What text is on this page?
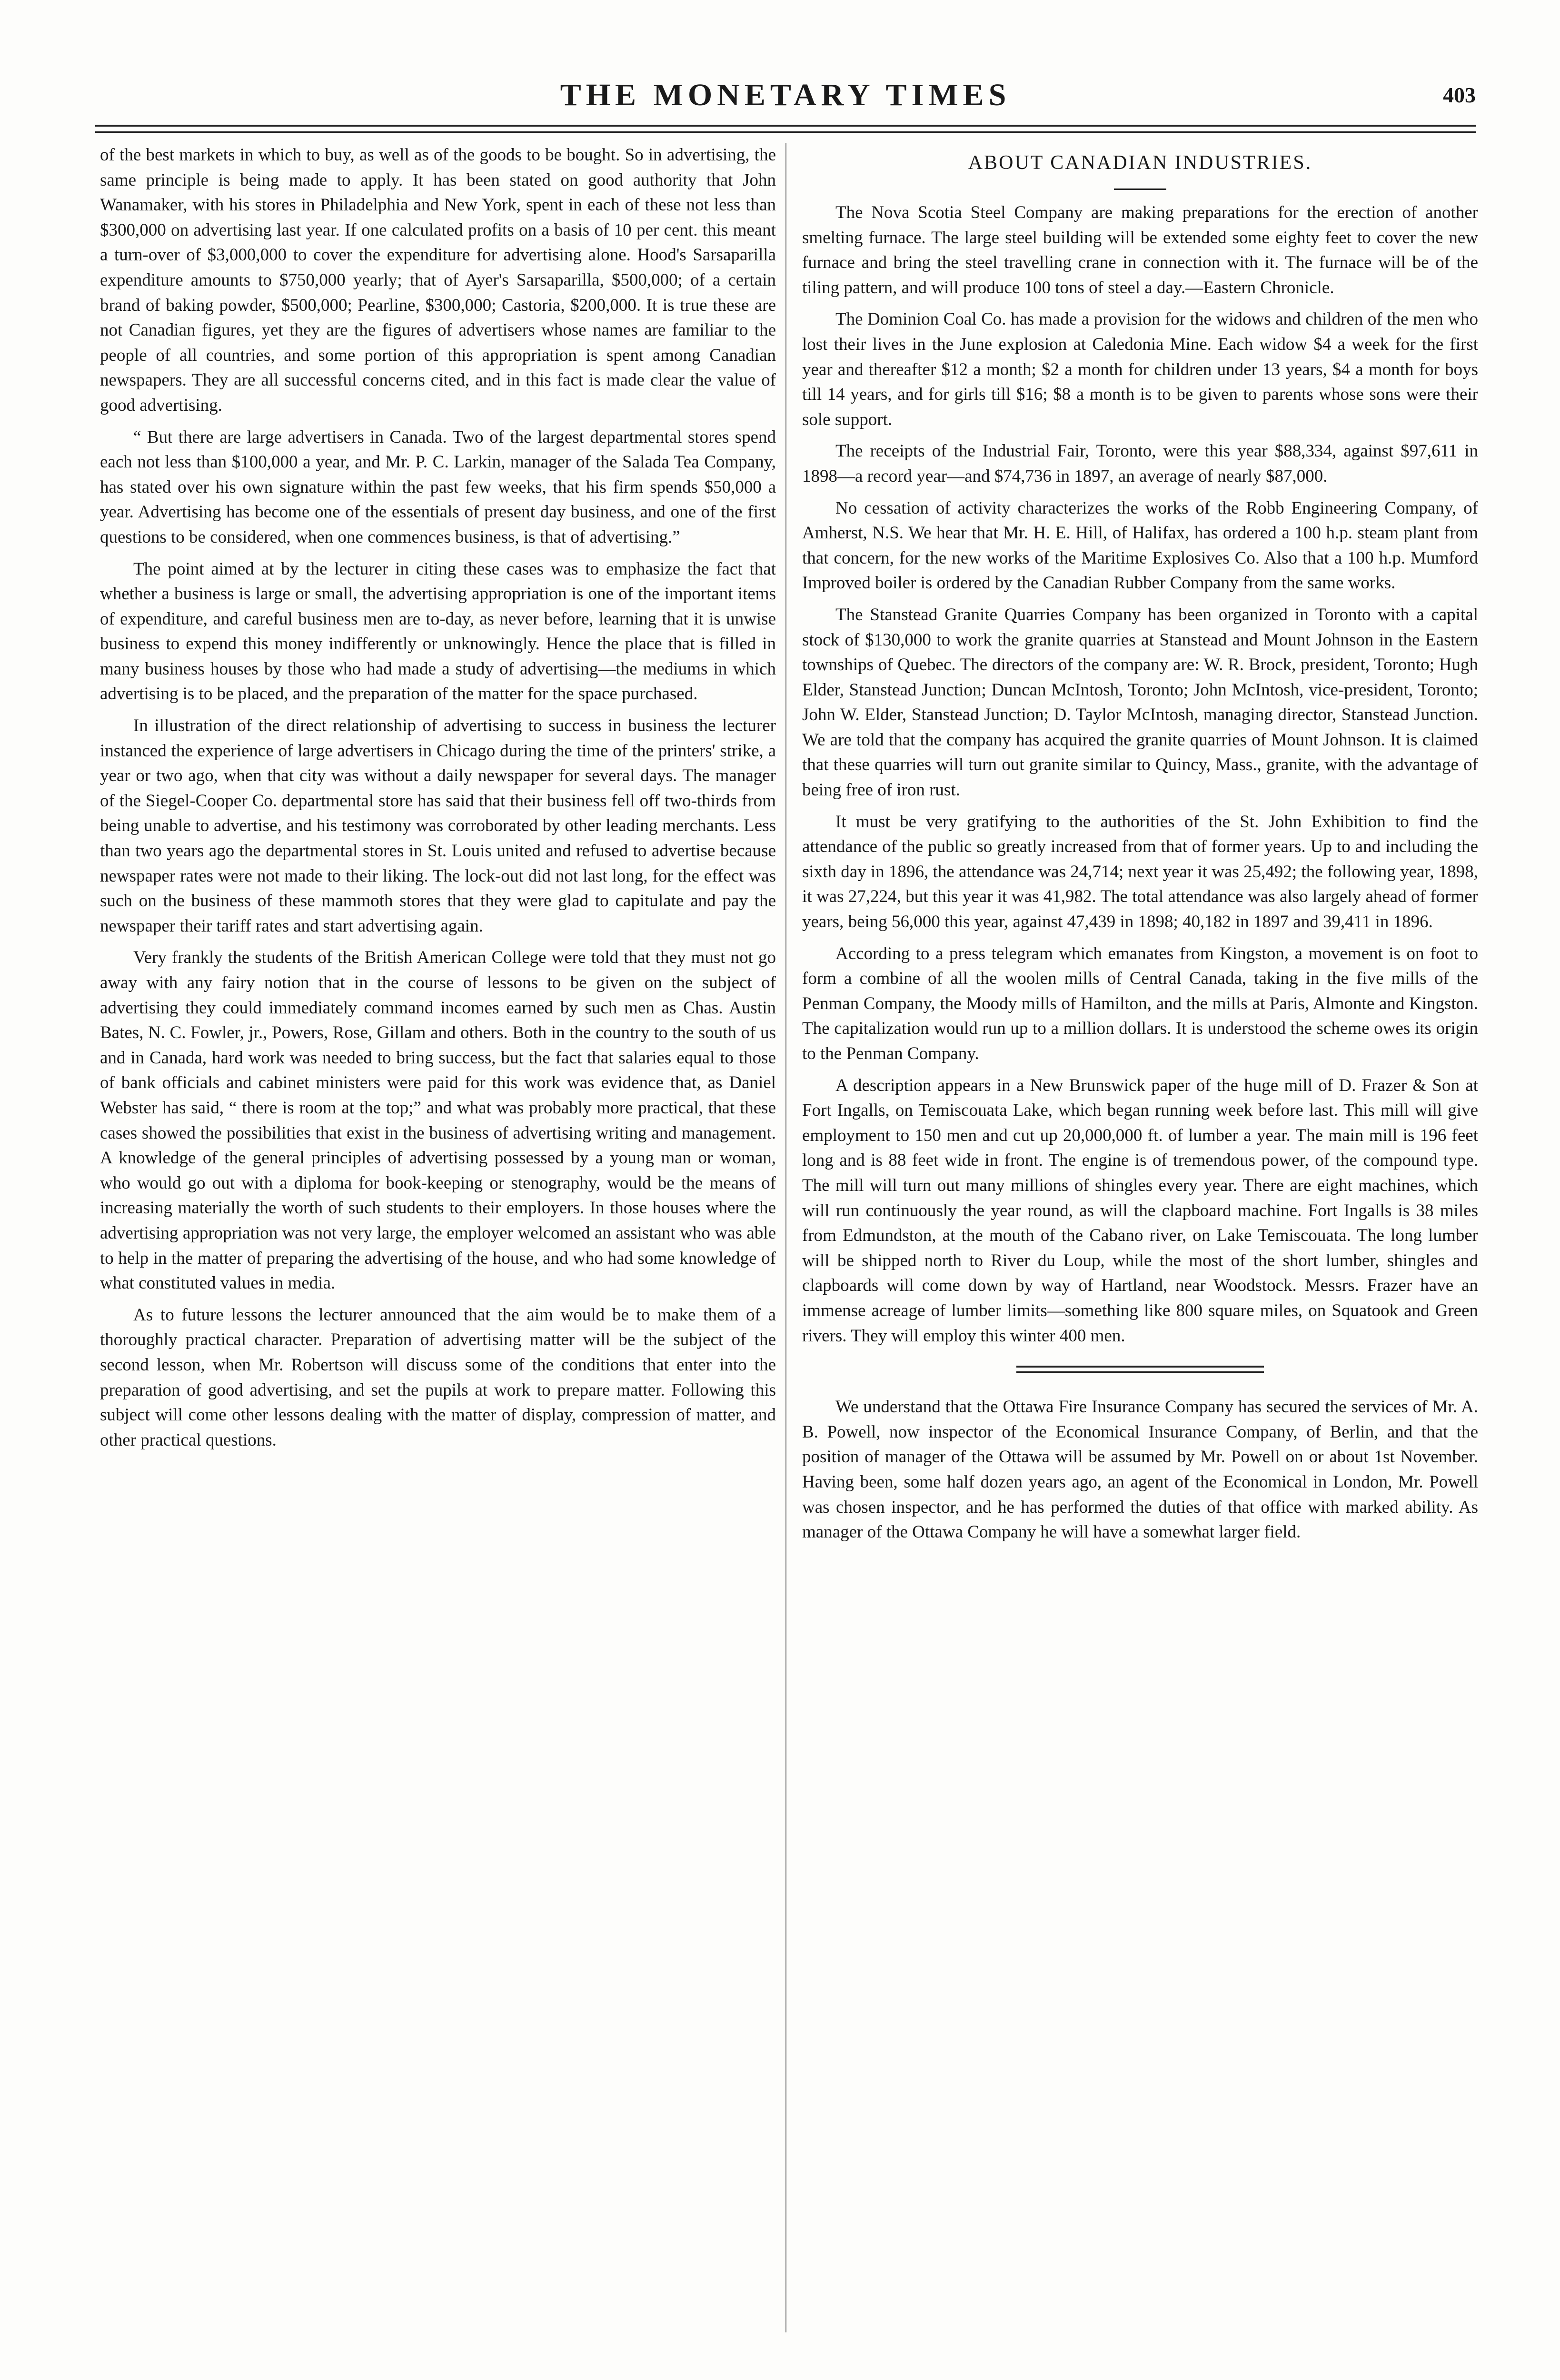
THE MONETARY TIMES	403

of the best markets in which to buy, as well as of the goods to be bought. So in advertising, the same principle is being made to apply. It has been stated on good authority that John Wanamaker, with his stores in Philadelphia and New York, spent in each of these not less than $300,000 on advertising last year. If one calculated profits on a basis of 10 per cent. this meant a turn-over of $3,000,000 to cover the expenditure for advertising alone. Hood's Sarsaparilla expenditure amounts to $750,000 yearly; that of Ayer's Sarsaparilla, $500,000; of a certain brand of baking powder, $500,000; Pearline, $300,000; Castoria, $200,000. It is true these are not Canadian figures, yet they are the figures of advertisers whose names are familiar to the people of all countries, and some portion of this appropriation is spent among Canadian newspapers. They are all successful concerns cited, and in this fact is made clear the value of good advertising.

“ But there are large advertisers in Canada. Two of the largest departmental stores spend each not less than $100,000 a year, and Mr. P. C. Larkin, manager of the Salada Tea Company, has stated over his own signature within the past few weeks, that his firm spends $50,000 a year. Advertising has become one of the essentials of present day business, and one of the first questions to be considered, when one commences business, is that of advertising.”

The point aimed at by the lecturer in citing these cases was to emphasize the fact that whether a business is large or small, the advertising appropriation is one of the important items of expenditure, and careful business men are to-day, as never before, learning that it is unwise business to expend this money indifferently or unknowingly. Hence the place that is filled in many business houses by those who had made a study of advertising—the mediums in which advertising is to be placed, and the preparation of the matter for the space purchased.

In illustration of the direct relationship of advertising to success in business the lecturer instanced the experience of large advertisers in Chicago during the time of the printers' strike, a year or two ago, when that city was without a daily newspaper for several days. The manager of the Siegel-Cooper Co. departmental store has said that their business fell off two-thirds from being unable to advertise, and his testimony was corroborated by other leading merchants. Less than two years ago the departmental stores in St. Louis united and refused to advertise because newspaper rates were not made to their liking. The lock-out did not last long, for the effect was such on the business of these mammoth stores that they were glad to capitulate and pay the newspaper their tariff rates and start advertising again.

Very frankly the students of the British American College were told that they must not go away with any fairy notion that in the course of lessons to be given on the subject of advertising they could immediately command incomes earned by such men as Chas. Austin Bates, N. C. Fowler, jr., Powers, Rose, Gillam and others. Both in the country to the south of us and in Canada, hard work was needed to bring success, but the fact that salaries equal to those of bank officials and cabinet ministers were paid for this work was evidence that, as Daniel Webster has said, “ there is room at the top;” and what was probably more practical, that these cases showed the possibilities that exist in the business of advertising writing and management. A knowledge of the general principles of advertising possessed by a young man or woman, who would go out with a diploma for book-keeping or stenography, would be the means of increasing materially the worth of such students to their employers. In those houses where the advertising appropriation was not very large, the employer welcomed an assistant who was able to help in the matter of preparing the advertising of the house, and who had some knowledge of what constituted values in media.

As to future lessons the lecturer announced that the aim would be to make them of a thoroughly practical character. Preparation of advertising matter will be the subject of the second lesson, when Mr. Robertson will discuss some of the conditions that enter into the preparation of good advertising, and set the pupils at work to prepare matter. Following this subject will come other lessons dealing with the matter of display, compression of matter, and other practical questions.

ABOUT CANADIAN INDUSTRIES.

The Nova Scotia Steel Company are making preparations for the erection of another smelting furnace. The large steel building will be extended some eighty feet to cover the new furnace and bring the steel travelling crane in connection with it. The furnace will be of the tiling pattern, and will produce 100 tons of steel a day.—Eastern Chronicle.

The Dominion Coal Co. has made a provision for the widows and children of the men who lost their lives in the June explosion at Caledonia Mine. Each widow $4 a week for the first year and thereafter $12 a month; $2 a month for children under 13 years, $4 a month for boys till 14 years, and for girls till $16; $8 a month is to be given to parents whose sons were their sole support.

The receipts of the Industrial Fair, Toronto, were this year $88,334, against $97,611 in 1898—a record year—and $74,736 in 1897, an average of nearly $87,000.

No cessation of activity characterizes the works of the Robb Engineering Company, of Amherst, N.S. We hear that Mr. H. E. Hill, of Halifax, has ordered a 100 h.p. steam plant from that concern, for the new works of the Maritime Explosives Co. Also that a 100 h.p. Mumford Improved boiler is ordered by the Canadian Rubber Company from the same works.

The Stanstead Granite Quarries Company has been organized in Toronto with a capital stock of $130,000 to work the granite quarries at Stanstead and Mount Johnson in the Eastern townships of Quebec. The directors of the company are: W. R. Brock, president, Toronto; Hugh Elder, Stanstead Junction; Duncan McIntosh, Toronto; John McIntosh, vice-president, Toronto; John W. Elder, Stanstead Junction; D. Taylor McIntosh, managing director, Stanstead Junction. We are told that the company has acquired the granite quarries of Mount Johnson. It is claimed that these quarries will turn out granite similar to Quincy, Mass., granite, with the advantage of being free of iron rust.

It must be very gratifying to the authorities of the St. John Exhibition to find the attendance of the public so greatly increased from that of former years. Up to and including the sixth day in 1896, the attendance was 24,714; next year it was 25,492; the following year, 1898, it was 27,224, but this year it was 41,982. The total attendance was also largely ahead of former years, being 56,000 this year, against 47,439 in 1898; 40,182 in 1897 and 39,411 in 1896.

According to a press telegram which emanates from Kingston, a movement is on foot to form a combine of all the woolen mills of Central Canada, taking in the five mills of the Penman Company, the Moody mills of Hamilton, and the mills at Paris, Almonte and Kingston. The capitalization would run up to a million dollars. It is understood the scheme owes its origin to the Penman Company.

A description appears in a New Brunswick paper of the huge mill of D. Frazer & Son at Fort Ingalls, on Temiscouata Lake, which began running week before last. This mill will give employment to 150 men and cut up 20,000,000 ft. of lumber a year. The main mill is 196 feet long and is 88 feet wide in front. The engine is of tremendous power, of the compound type. The mill will turn out many millions of shingles every year. There are eight machines, which will run continuously the year round, as will the clapboard machine. Fort Ingalls is 38 miles from Edmundston, at the mouth of the Cabano river, on Lake Temiscouata. The long lumber will be shipped north to River du Loup, while the most of the short lumber, shingles and clapboards will come down by way of Hartland, near Woodstock. Messrs. Frazer have an immense acreage of lumber limits—something like 800 square miles, on Squatook and Green rivers. They will employ this winter 400 men.

We understand that the Ottawa Fire Insurance Company has secured the services of Mr. A. B. Powell, now inspector of the Economical Insurance Company, of Berlin, and that the position of manager of the Ottawa will be assumed by Mr. Powell on or about 1st November. Having been, some half dozen years ago, an agent of the Economical in London, Mr. Powell was chosen inspector, and he has performed the duties of that office with marked ability. As manager of the Ottawa Company he will have a somewhat larger field.
